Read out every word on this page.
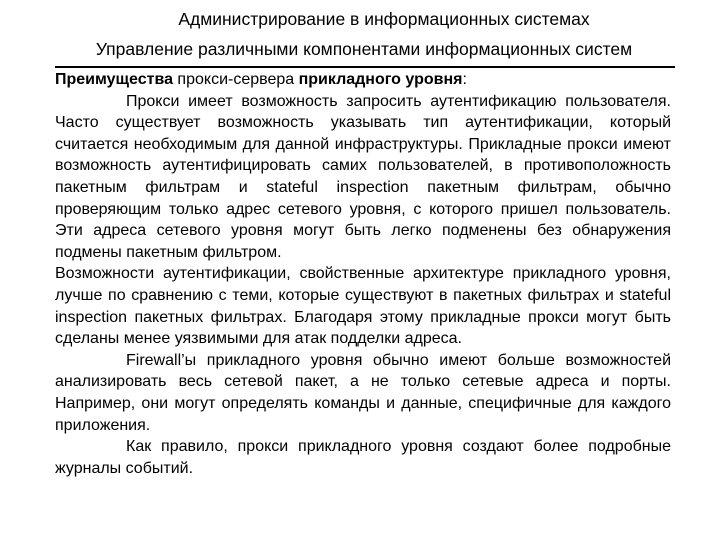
Администрирование в информационных системах
Управление различными компонентами информационных систем

Преимущества прокси-сервера прикладного уровня:

Прокси имеет возможность запросить аутентификацию пользователя. Часто существует возможность указывать тип аутентификации, который считается необходимым для данной инфраструктуры. Прикладные прокси имеют возможность аутентифицировать самих пользователей, в противоположность пакетным фильтрам и stateful inspection пакетным фильтрам, обычно проверяющим только адрес сетевого уровня, с которого пришел пользователь. Эти адреса сетевого уровня могут быть легко подменены без обнаружения подмены пакетным фильтром.

Возможности аутентификации, свойственные архитектуре прикладного уровня, лучше по сравнению с теми, которые существуют в пакетных фильтрах и stateful inspection пакетных фильтрах. Благодаря этому прикладные прокси могут быть сделаны менее уязвимыми для атак подделки адреса.

Firewall’ы прикладного уровня обычно имеют больше возможностей анализировать весь сетевой пакет, а не только сетевые адреса и порты. Например, они могут определять команды и данные, специфичные для каждого приложения.

Как правило, прокси прикладного уровня создают более подробные журналы событий.
